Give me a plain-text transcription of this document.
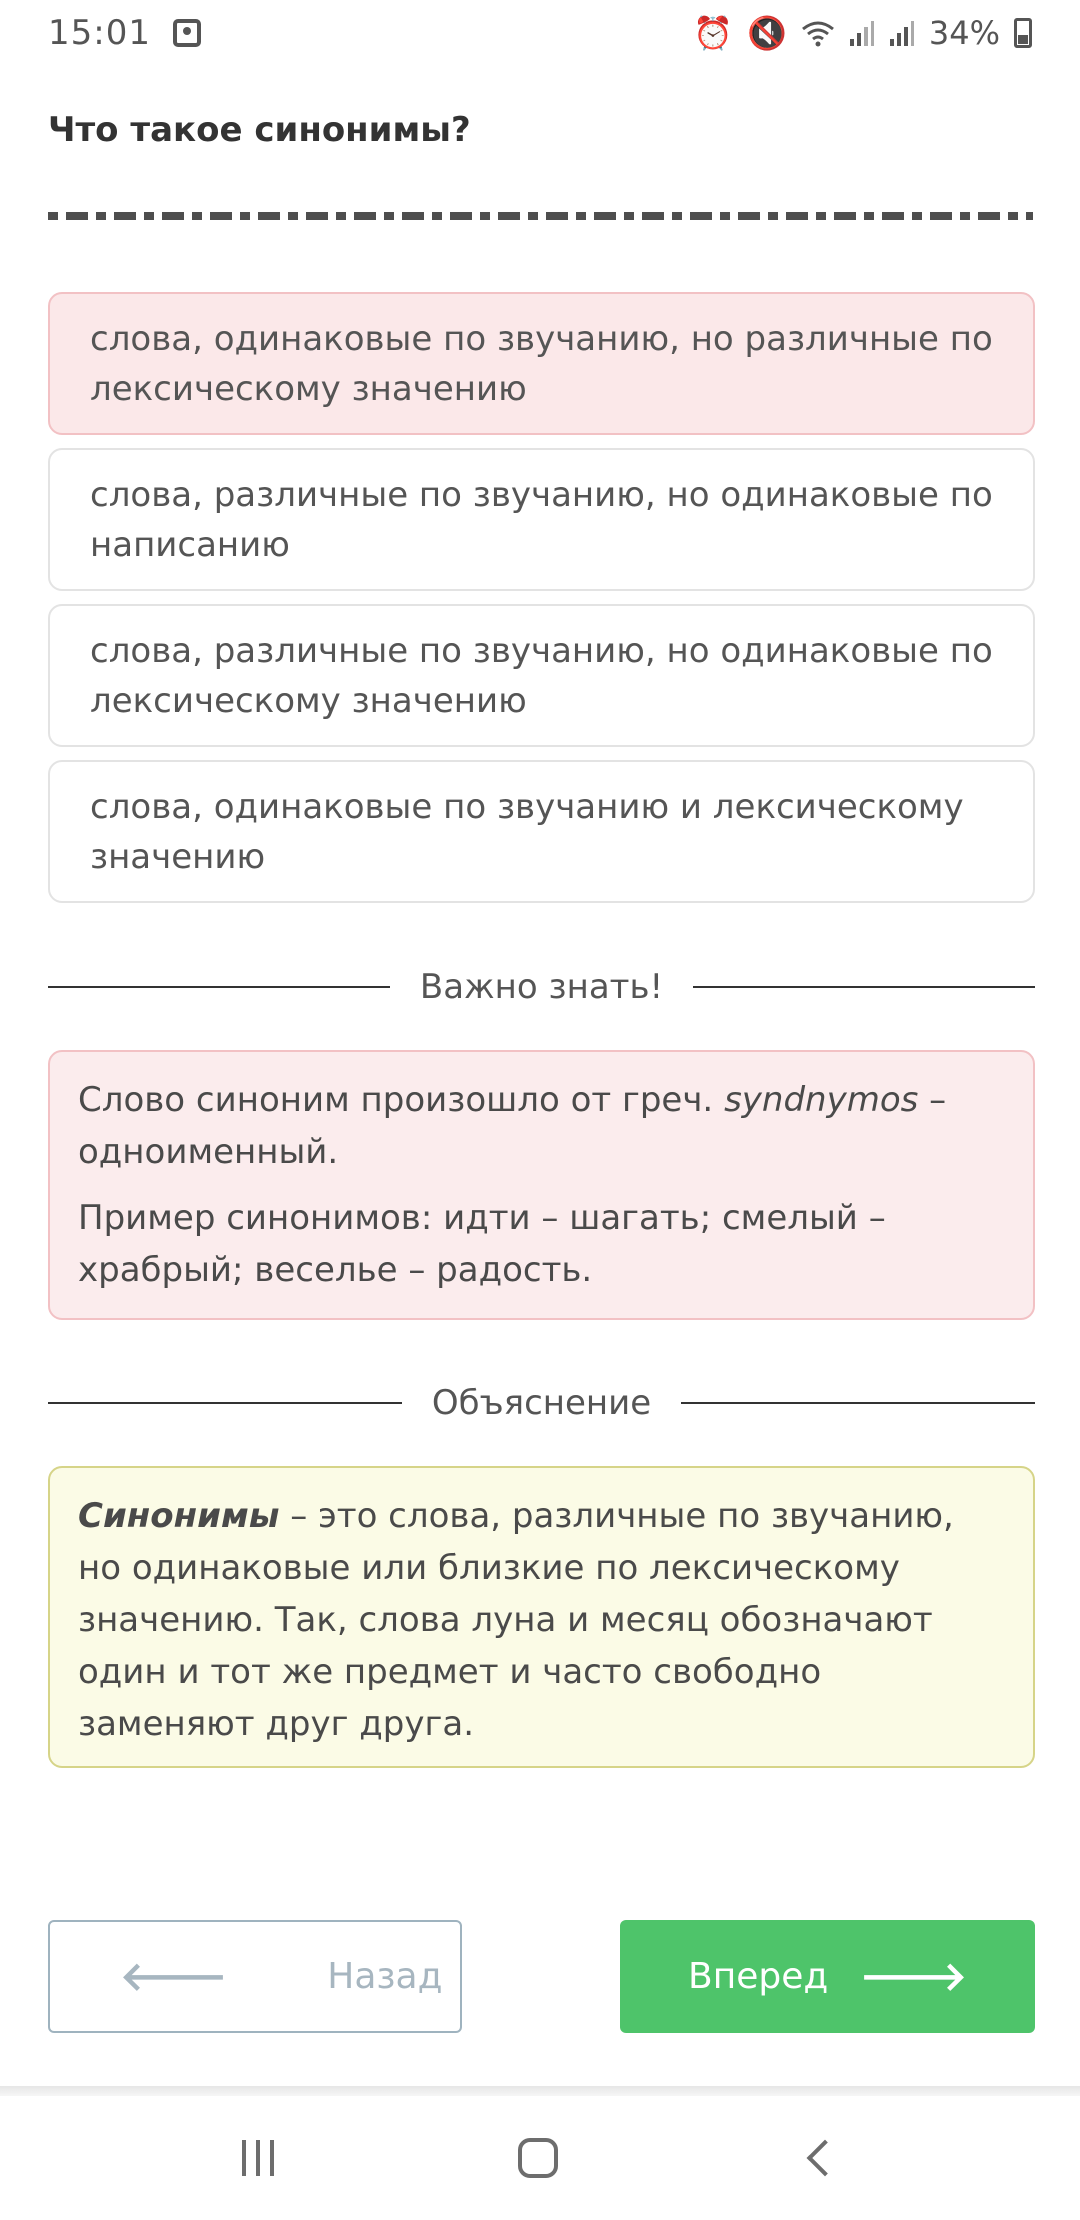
15:01	⏰ 🔇	34%
Что такое синонимы?
слова, одинаковые по звучанию, но различные по лексическому значению
слова, различные по звучанию, но одинаковые по написанию
слова, различные по звучанию, но одинаковые по лексическому значению
слова, одинаковые по звучанию и лексическому значению
Важно знать!

Слово синоним произошло от греч. syndnymos – одноименный.

Пример синонимов: идти – шагать; смелый – храбрый; веселье – радость.

Объяснение

Синонимы – это слова, различные по звучанию, но одинаковые или близкие по лексическому значению. Так, слова луна и месяц обозначают один и тот же предмет и часто свободно заменяют друг друга.

🡐	Назад	Вперед 🡒
